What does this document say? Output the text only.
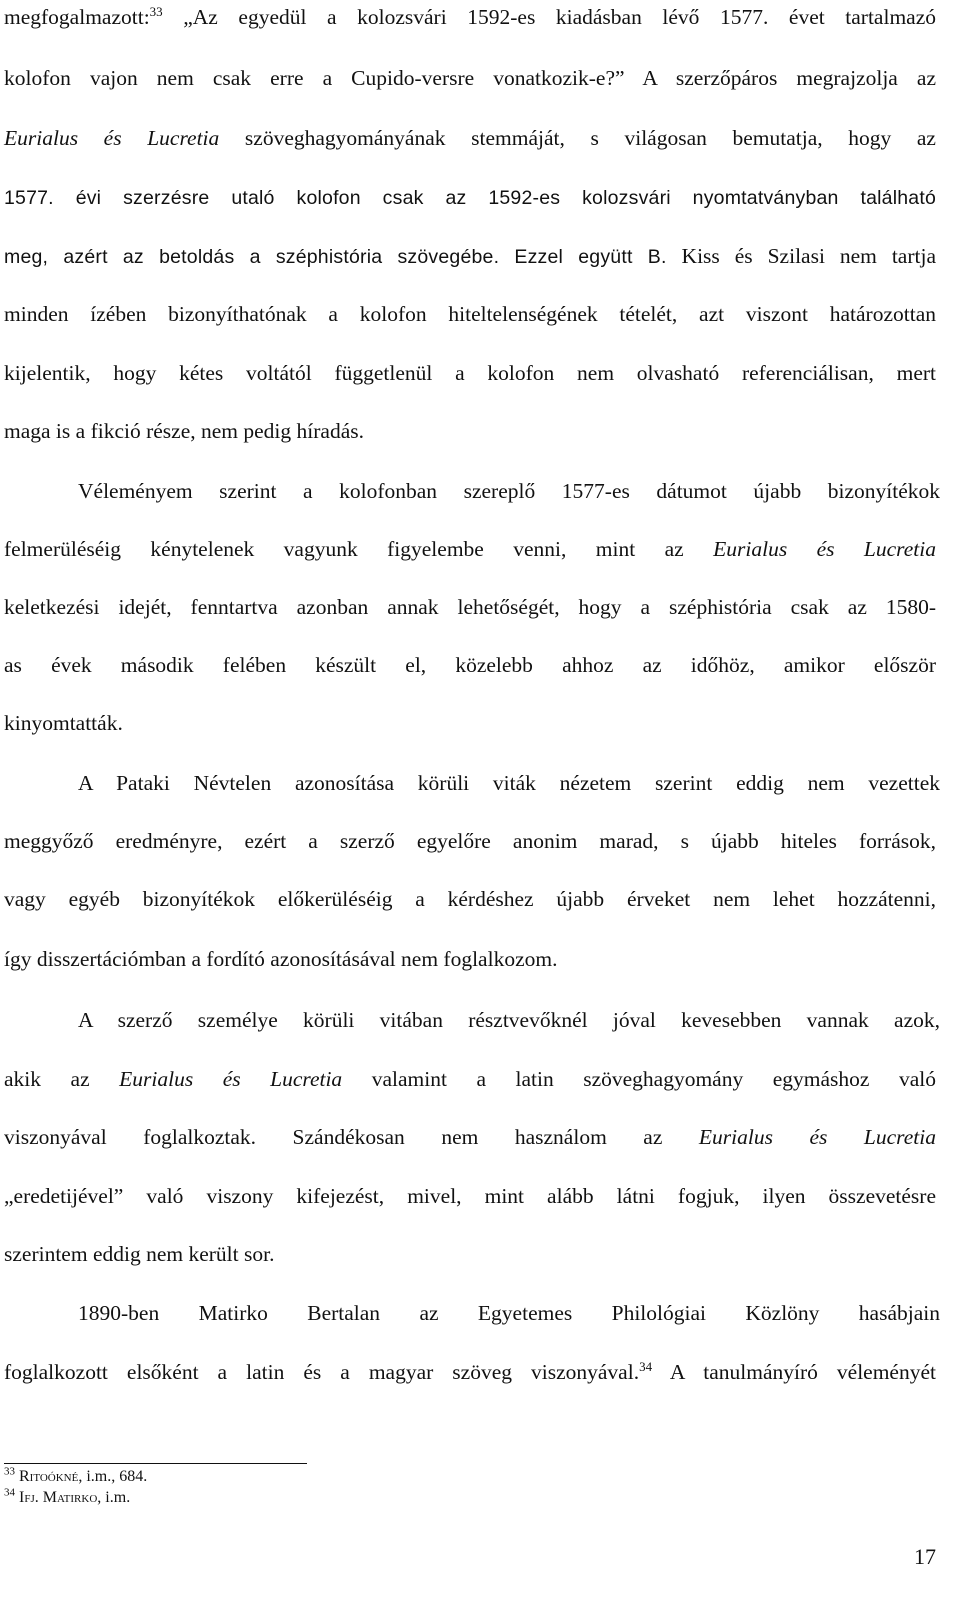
megfogalmazott:$^{33}$ „Az egyedül a kolozsvári 1592-es kiadásban lévő 1577. évet tartalmazó
kolofon vajon nem csak erre a Cupido-versre vonatkozik-e?” A szerzőpáros megrajzolja az
Eurialus és Lucretia szöveghagyományának stemmáját, s világosan bemutatja, hogy az
1577. évi szerzésre utaló kolofon csak az 1592-es kolozsvári nyomtatványban található
meg, azért az betoldás a széphistória szövegébe. Ezzel együtt B. Kiss és Szilasi nem tartja
minden ízében bizonyíthatónak a kolofon hiteltelenségének tételét, azt viszont határozottan
kijelentik, hogy kétes voltától függetlenül a kolofon nem olvasható referenciálisan, mert
maga is a fikció része, nem pedig híradás.
Véleményem szerint a kolofonban szereplő 1577-es dátumot újabb bizonyítékok
felmerüléséig kénytelenek vagyunk figyelembe venni, mint az Eurialus és Lucretia
keletkezési idejét, fenntartva azonban annak lehetőségét, hogy a széphistória csak az 1580-
as évek második felében készült el, közelebb ahhoz az időhöz, amikor először
kinyomtatták.
A Pataki Névtelen azonosítása körüli viták nézetem szerint eddig nem vezettek
meggyőző eredményre, ezért a szerző egyelőre anonim marad, s újabb hiteles források,
vagy egyéb bizonyítékok előkerüléséig a kérdéshez újabb érveket nem lehet hozzátenni,
így disszertációmban a fordító azonosításával nem foglalkozom.
A szerző személye körüli vitában résztvevőknél jóval kevesebben vannak azok,
akik az Eurialus és Lucretia valamint a latin szöveghagyomány egymáshoz való
viszonyával foglalkoztak. Szándékosan nem használom az Eurialus és Lucretia
„eredetijével” való viszony kifejezést, mivel, mint alább látni fogjuk, ilyen összevetésre
szerintem eddig nem került sor.
1890-ben Matirko Bertalan az Egyetemes Philológiai Közlöny hasábjain
foglalkozott elsőként a latin és a magyar szöveg viszonyával.$^{34}$ A tanulmányíró véleményét
$^{33}$ Ritoókné, i.m., 684.
$^{34}$ Ifj. Matirko, i.m.
17
